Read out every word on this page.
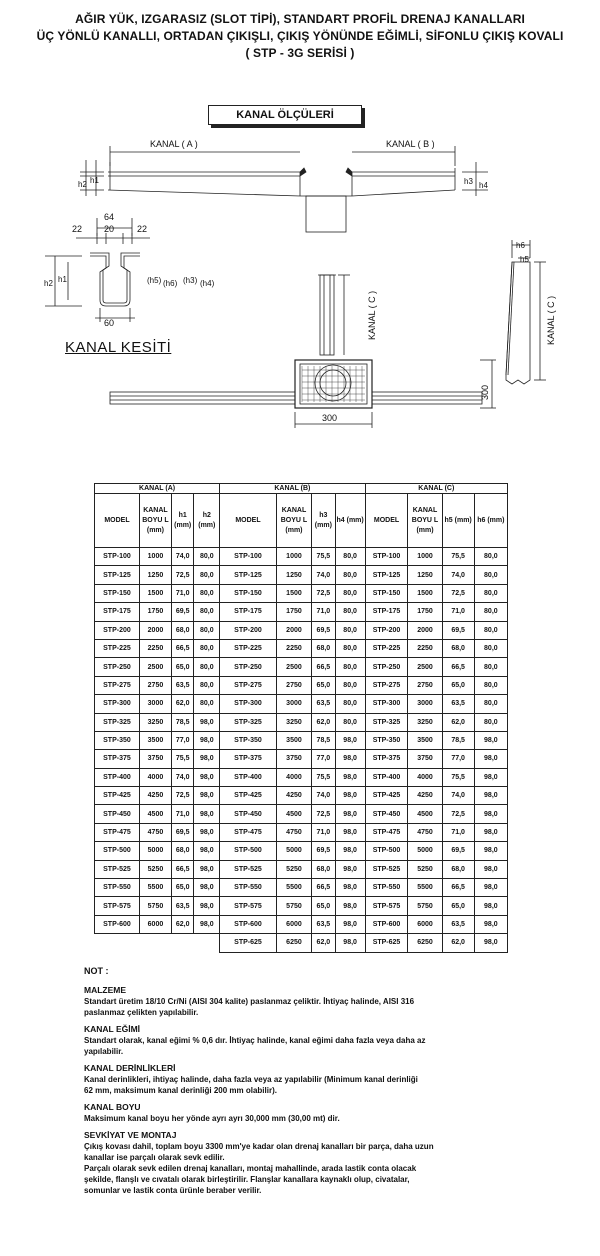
AĞIR YÜK, IZGARASIZ (SLOT TİPİ), STANDART PROFİL DRENAJ KANALLARI
ÜÇ YÖNLÜ KANALLI, ORTADAN ÇIKIŞLI, ÇIKIŞ YÖNÜNDE EĞİMLİ, SİFONLU ÇIKIŞ KOVALI
( STP - 3G SERİSİ )
KANAL ÖLÇÜLERİ
KANAL ( A )	KANAL ( B )
h2 h1	h3 h4
64
22 20	22
60
h2 h1	(h5) (h6) (h3) (h4)
KANAL ( C )	KANAL ( C )
300
300
h6
h5
KANAL KESİTİ
KANAL (A)				KANAL (B)				KANAL (C)			
MODEL	KANAL BOYU L (mm)	h1 (mm)	h2 (mm)	MODEL	KANAL BOYU L (mm)	h3 (mm)	h4 (mm)	MODEL	KANAL BOYU L (mm)	h5 (mm)	h6 (mm)
STP-100	1000	74,0	80,0	STP-100	1000	75,5	80,0	STP-100	1000	75,5	80,0
STP-125	1250	72,5	80,0	STP-125	1250	74,0	80,0	STP-125	1250	74,0	80,0
STP-150	1500	71,0	80,0	STP-150	1500	72,5	80,0	STP-150	1500	72,5	80,0
STP-175	1750	69,5	80,0	STP-175	1750	71,0	80,0	STP-175	1750	71,0	80,0
STP-200	2000	68,0	80,0	STP-200	2000	69,5	80,0	STP-200	2000	69,5	80,0
STP-225	2250	66,5	80,0	STP-225	2250	68,0	80,0	STP-225	2250	68,0	80,0
STP-250	2500	65,0	80,0	STP-250	2500	66,5	80,0	STP-250	2500	66,5	80,0
STP-275	2750	63,5	80,0	STP-275	2750	65,0	80,0	STP-275	2750	65,0	80,0
STP-300	3000	62,0	80,0	STP-300	3000	63,5	80,0	STP-300	3000	63,5	80,0
STP-325	3250	78,5	98,0	STP-325	3250	62,0	80,0	STP-325	3250	62,0	80,0
STP-350	3500	77,0	98,0	STP-350	3500	78,5	98,0	STP-350	3500	78,5	98,0
STP-375	3750	75,5	98,0	STP-375	3750	77,0	98,0	STP-375	3750	77,0	98,0
STP-400	4000	74,0	98,0	STP-400	4000	75,5	98,0	STP-400	4000	75,5	98,0
STP-425	4250	72,5	98,0	STP-425	4250	74,0	98,0	STP-425	4250	74,0	98,0
STP-450	4500	71,0	98,0	STP-450	4500	72,5	98,0	STP-450	4500	72,5	98,0
STP-475	4750	69,5	98,0	STP-475	4750	71,0	98,0	STP-475	4750	71,0	98,0
STP-500	5000	68,0	98,0	STP-500	5000	69,5	98,0	STP-500	5000	69,5	98,0
STP-525	5250	66,5	98,0	STP-525	5250	68,0	98,0	STP-525	5250	68,0	98,0
STP-550	5500	65,0	98,0	STP-550	5500	66,5	98,0	STP-550	5500	66,5	98,0
STP-575	5750	63,5	98,0	STP-575	5750	65,0	98,0	STP-575	5750	65,0	98,0
STP-600	6000	62,0	98,0	STP-600	6000	63,5	98,0	STP-600	6000	63,5	98,0
				STP-625	6250	62,0	98,0	STP-625	6250	62,0	98,0
NOT :

MALZEME

Standart üretim 18/10 Cr/Ni (AISI 304 kalite) paslanmaz çeliktir. İhtiyaç halinde, AISI 316

paslanmaz çelikten yapılabilir.

KANAL EĞİMİ

Standart olarak, kanal eğimi % 0,6 dır. İhtiyaç halinde, kanal eğimi daha fazla veya daha az

yapılabilir.

KANAL DERİNLİKLERİ

Kanal derinlikleri, ihtiyaç halinde, daha fazla veya az yapılabilir (Minimum kanal derinliği

62 mm, maksimum kanal derinliği 200 mm olabilir).

KANAL BOYU

Maksimum kanal boyu her yönde ayrı ayrı 30,000 mm (30,00 mt) dir.

SEVKİYAT VE MONTAJ

Çıkış kovası dahil, toplam boyu 3300 mm'ye kadar olan drenaj kanalları bir parça, daha uzun

kanallar ise parçalı olarak sevk edilir.

Parçalı olarak sevk edilen drenaj kanalları, montaj mahallinde, arada lastik conta olacak

şekilde, flanşlı ve cıvatalı olarak birleştirilir. Flanşlar kanallara kaynaklı olup, civatalar,

somunlar ve lastik conta ürünle beraber verilir.
